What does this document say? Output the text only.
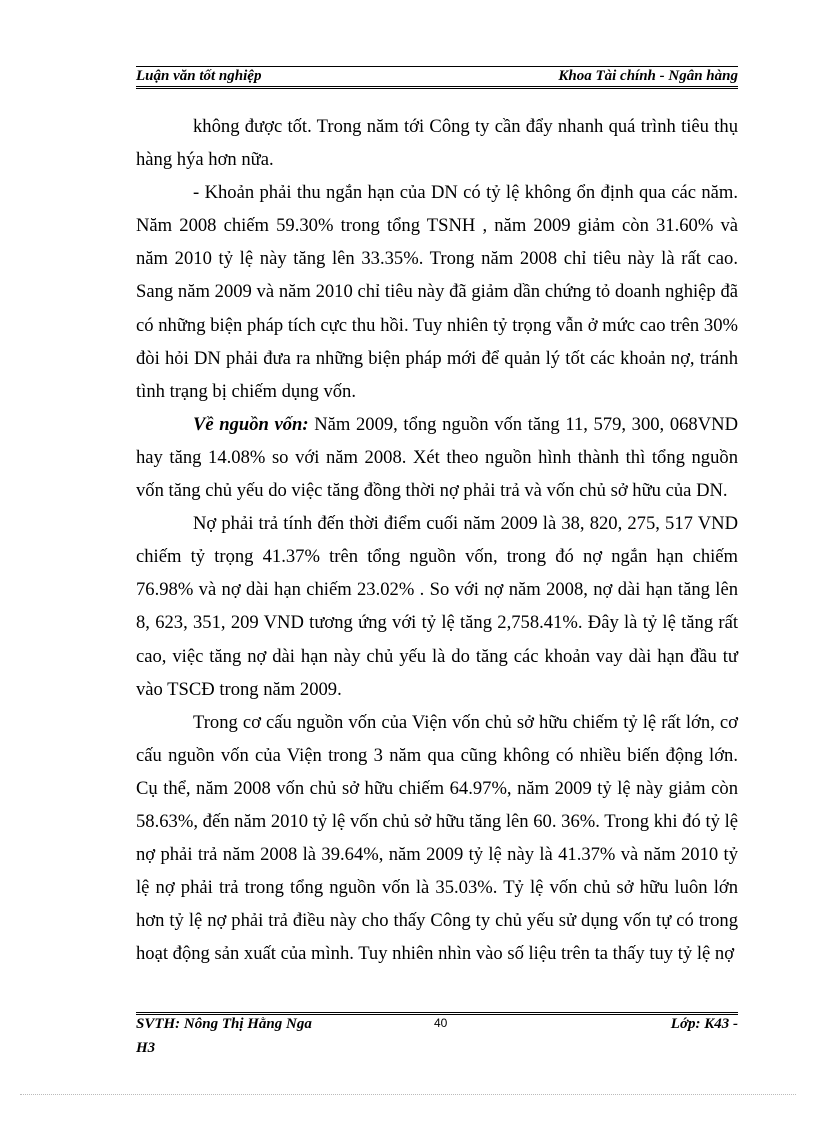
Luận văn tốt nghiệp	Khoa Tài chính - Ngân hàng

không được tốt. Trong năm tới Công ty cần đẩy nhanh quá trình tiêu thụ hàng hýa hơn nữa.

- Khoản phải thu ngắn hạn của DN có tỷ lệ không ổn định qua các năm. Năm 2008 chiếm 59.30% trong tổng TSNH , năm 2009 giảm còn 31.60% và năm 2010 tỷ lệ này tăng lên 33.35%. Trong năm 2008 chỉ tiêu này là rất cao. Sang năm 2009 và năm 2010 chỉ tiêu này đã giảm dần chứng tỏ doanh nghiệp đã có những biện pháp tích cực thu hồi. Tuy nhiên tỷ trọng vẫn ở mức cao trên 30% đòi hỏi DN phải đưa ra những biện pháp mới để quản lý tốt các khoản nợ, tránh tình trạng bị chiếm dụng vốn.

Về nguồn vốn: Năm 2009, tổng nguồn vốn tăng 11, 579, 300, 068VND hay tăng 14.08% so với năm 2008. Xét theo nguồn hình thành thì tổng nguồn vốn tăng chủ yếu do việc tăng đồng thời nợ phải trả và vốn chủ sở hữu của DN.

Nợ phải trả tính đến thời điểm cuối năm 2009 là 38, 820, 275, 517 VND chiếm tỷ trọng 41.37% trên tổng nguồn vốn, trong đó nợ ngắn hạn chiếm 76.98% và nợ dài hạn chiếm 23.02% . So với nợ năm 2008, nợ dài hạn tăng lên 8, 623, 351, 209 VND tương ứng với tỷ lệ tăng 2,758.41%. Đây là tỷ lệ tăng rất cao, việc tăng nợ dài hạn này chủ yếu là do tăng các khoản vay dài hạn đầu tư vào TSCĐ trong năm 2009.

Trong cơ cấu nguồn vốn của Viện vốn chủ sở hữu chiếm tỷ lệ rất lớn, cơ cấu nguồn vốn của Viện trong 3 năm qua cũng không có nhiều biến động lớn. Cụ thể, năm 2008 vốn chủ sở hữu chiếm 64.97%, năm 2009 tỷ lệ này giảm còn 58.63%, đến năm 2010 tỷ lệ vốn chủ sở hữu tăng lên 60. 36%. Trong khi đó tỷ lệ nợ phải trả năm 2008 là 39.64%, năm 2009 tỷ lệ này là 41.37% và năm 2010 tỷ lệ nợ phải trả trong tổng nguồn vốn là 35.03%. Tỷ lệ vốn chủ sở hữu luôn lớn hơn tỷ lệ nợ phải trả điều này cho thấy Công ty chủ yếu sử dụng vốn tự có trong hoạt động sản xuất của mình. Tuy nhiên nhìn vào số liệu trên ta thấy tuy tỷ lệ nợ

SVTH: Nông Thị Hằng Nga	40	Lớp: K43 -
H3
